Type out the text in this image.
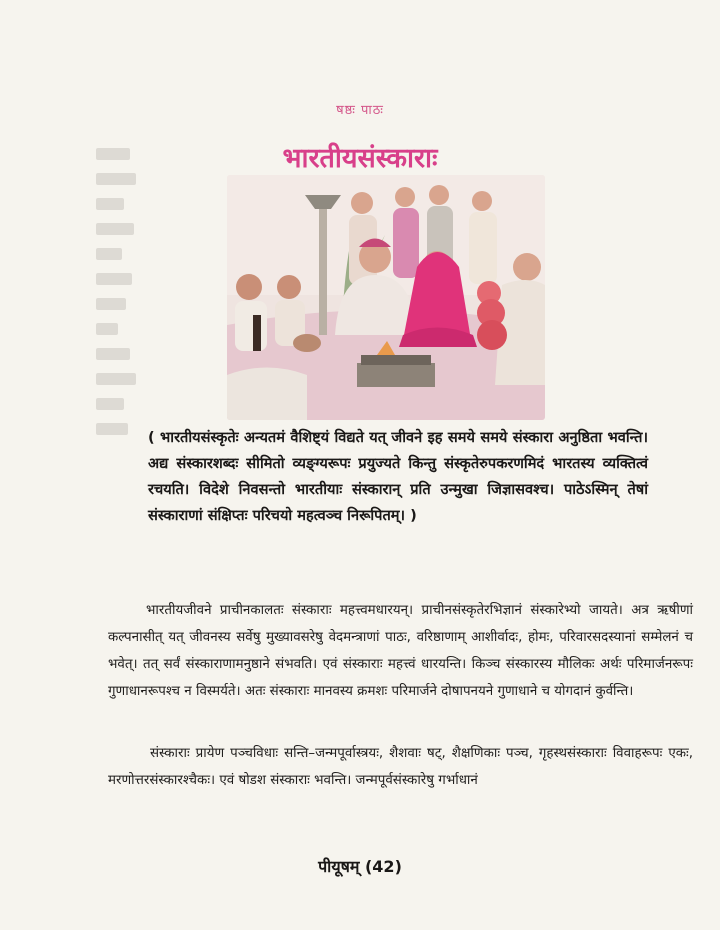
षष्ठः पाठः
भारतीयसंस्काराः
( भारतीयसंस्कृतेः अन्यतमं वैशिष्ट्यं विद्यते यत् जीवने इह समये समये संस्कारा अनुष्ठिता भवन्ति। अद्य संस्कारशब्दः सीमितो व्यङ्ग्यरूपः प्रयुज्यते किन्तु संस्कृतेरुपकरणमिदं भारतस्य व्यक्तित्वं रचयति। विदेशे निवसन्तो भारतीयाः संस्कारान् प्रति उन्मुखा जिज्ञासवश्च। पाठेऽस्मिन् तेषां संस्काराणां संक्षिप्तः परिचयो महत्वञ्च निरूपितम्। )
भारतीयजीवने प्राचीनकालतः संस्काराः महत्त्वमधारयन्। प्राचीनसंस्कृतेरभिज्ञानं संस्कारेभ्यो जायते। अत्र ऋषीणां कल्पनासीत् यत् जीवनस्य सर्वेषु मुख्यावसरेषु वेदमन्त्राणां पाठः, वरिष्ठाणाम् आशीर्वादः, होमः, परिवारसदस्यानां सम्मेलनं च भवेत्। तत् सर्वं संस्काराणामनुष्ठाने संभवति। एवं संस्काराः महत्त्वं धारयन्ति। किञ्च संस्कारस्य मौलिकः अर्थः परिमार्जनरूपः गुणाधानरूपश्च न विस्मर्यते। अतः संस्काराः मानवस्य क्रमशः परिमार्जने दोषापनयने गुणाधाने च योगदानं कुर्वन्ति।
संस्काराः प्रायेण पञ्चविधाः सन्ति–जन्मपूर्वास्त्रयः, शैशवाः षट्, शैक्षणिकाः पञ्च, गृहस्थसंस्काराः विवाहरूपः एकः, मरणोत्तरसंस्कारश्चैकः। एवं षोडश संस्काराः भवन्ति। जन्मपूर्वसंस्कारेषु गर्भाधानं
पीयूषम् (42)
